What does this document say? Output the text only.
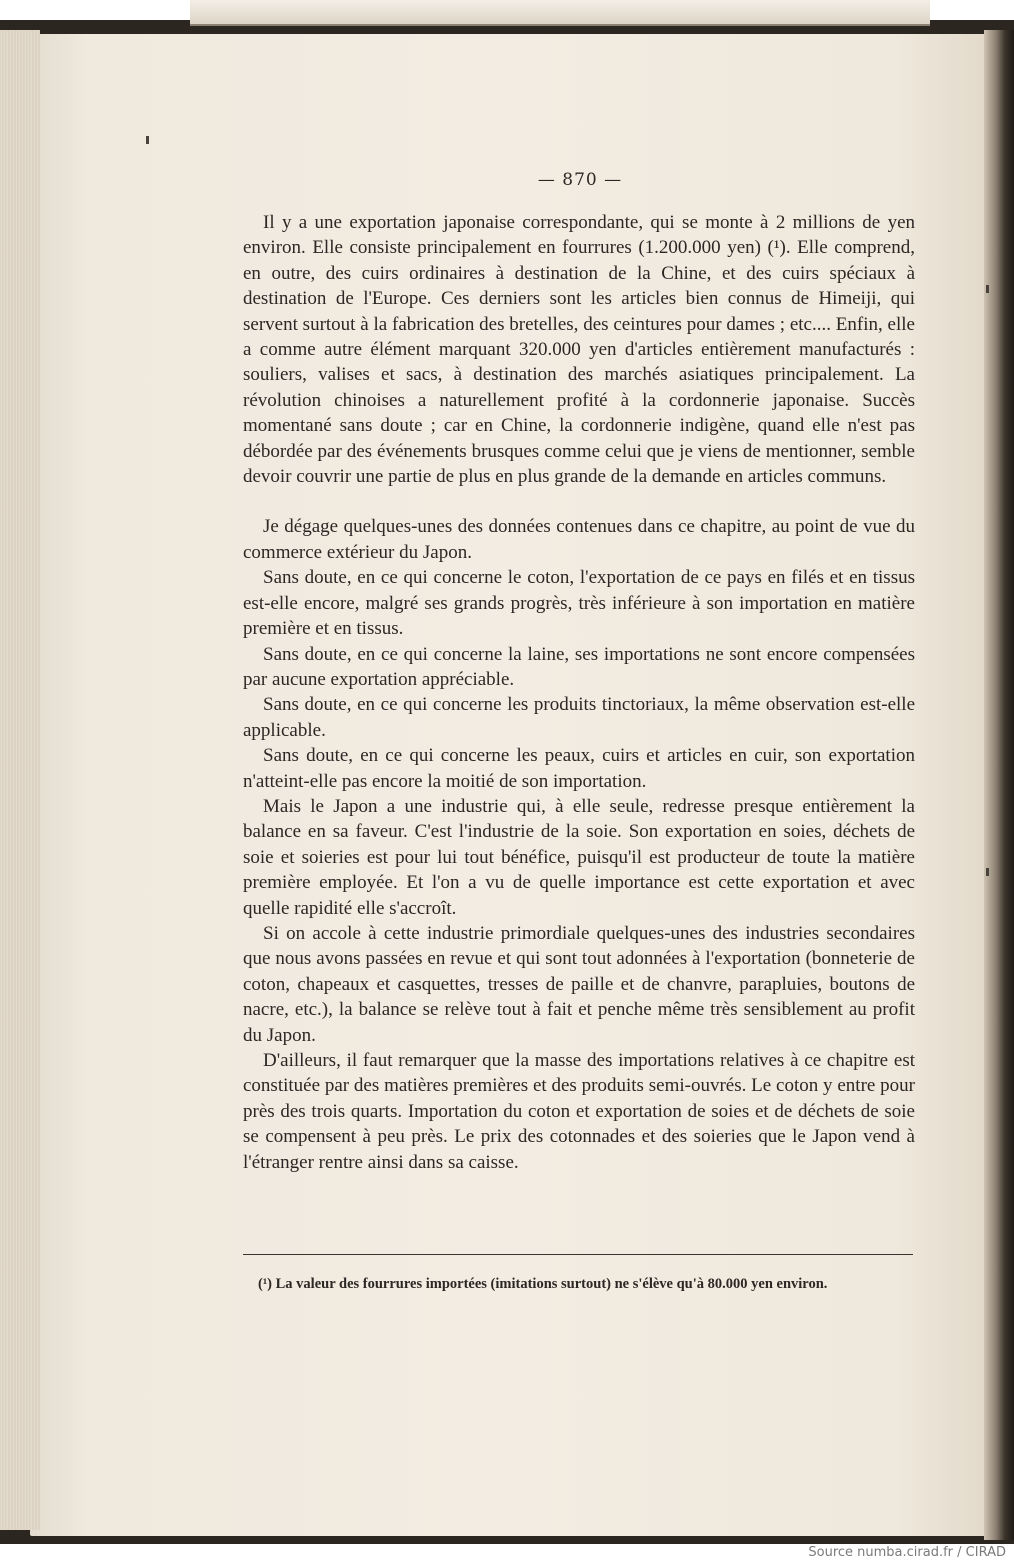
— 870 —

Il y a une exportation japonaise correspondante, qui se monte à 2 millions de yen environ. Elle consiste principalement en fourrures (1.200.000 yen) (¹). Elle comprend, en outre, des cuirs ordinaires à destination de la Chine, et des cuirs spéciaux à destination de l'Europe. Ces derniers sont les articles bien connus de Himeiji, qui servent surtout à la fabrication des bretelles, des ceintures pour dames ; etc.... Enfin, elle a comme autre élément marquant 320.000 yen d'articles entièrement manufacturés : souliers, valises et sacs, à destination des marchés asiatiques principalement. La révolution chinoises a naturellement profité à la cordonnerie japonaise. Succès momentané sans doute ; car en Chine, la cordonnerie indigène, quand elle n'est pas débordée par des événements brusques comme celui que je viens de mentionner, semble devoir couvrir une partie de plus en plus grande de la demande en articles communs.

Je dégage quelques-unes des données contenues dans ce chapitre, au point de vue du commerce extérieur du Japon.

Sans doute, en ce qui concerne le coton, l'exportation de ce pays en filés et en tissus est-elle encore, malgré ses grands progrès, très inférieure à son importation en matière première et en tissus.

Sans doute, en ce qui concerne la laine, ses importations ne sont encore compensées par aucune exportation appréciable.

Sans doute, en ce qui concerne les produits tinctoriaux, la même observation est-elle applicable.

Sans doute, en ce qui concerne les peaux, cuirs et articles en cuir, son exportation n'atteint-elle pas encore la moitié de son importation.

Mais le Japon a une industrie qui, à elle seule, redresse presque entièrement la balance en sa faveur. C'est l'industrie de la soie. Son exportation en soies, déchets de soie et soieries est pour lui tout bénéfice, puisqu'il est producteur de toute la matière première employée. Et l'on a vu de quelle importance est cette exportation et avec quelle rapidité elle s'accroît.

Si on accole à cette industrie primordiale quelques-unes des industries secondaires que nous avons passées en revue et qui sont tout adonnées à l'exportation (bonneterie de coton, chapeaux et casquettes, tresses de paille et de chanvre, parapluies, boutons de nacre, etc.), la balance se relève tout à fait et penche même très sensiblement au profit du Japon.

D'ailleurs, il faut remarquer que la masse des importations relatives à ce chapitre est constituée par des matières premières et des produits semi-ouvrés. Le coton y entre pour près des trois quarts. Importation du coton et exportation de soies et de déchets de soie se compensent à peu près. Le prix des cotonnades et des soieries que le Japon vend à l'étranger rentre ainsi dans sa caisse.

(¹) La valeur des fourrures importées (imitations surtout) ne s'élève qu'à 80.000 yen environ.
Source numba.cirad.fr / CIRAD
